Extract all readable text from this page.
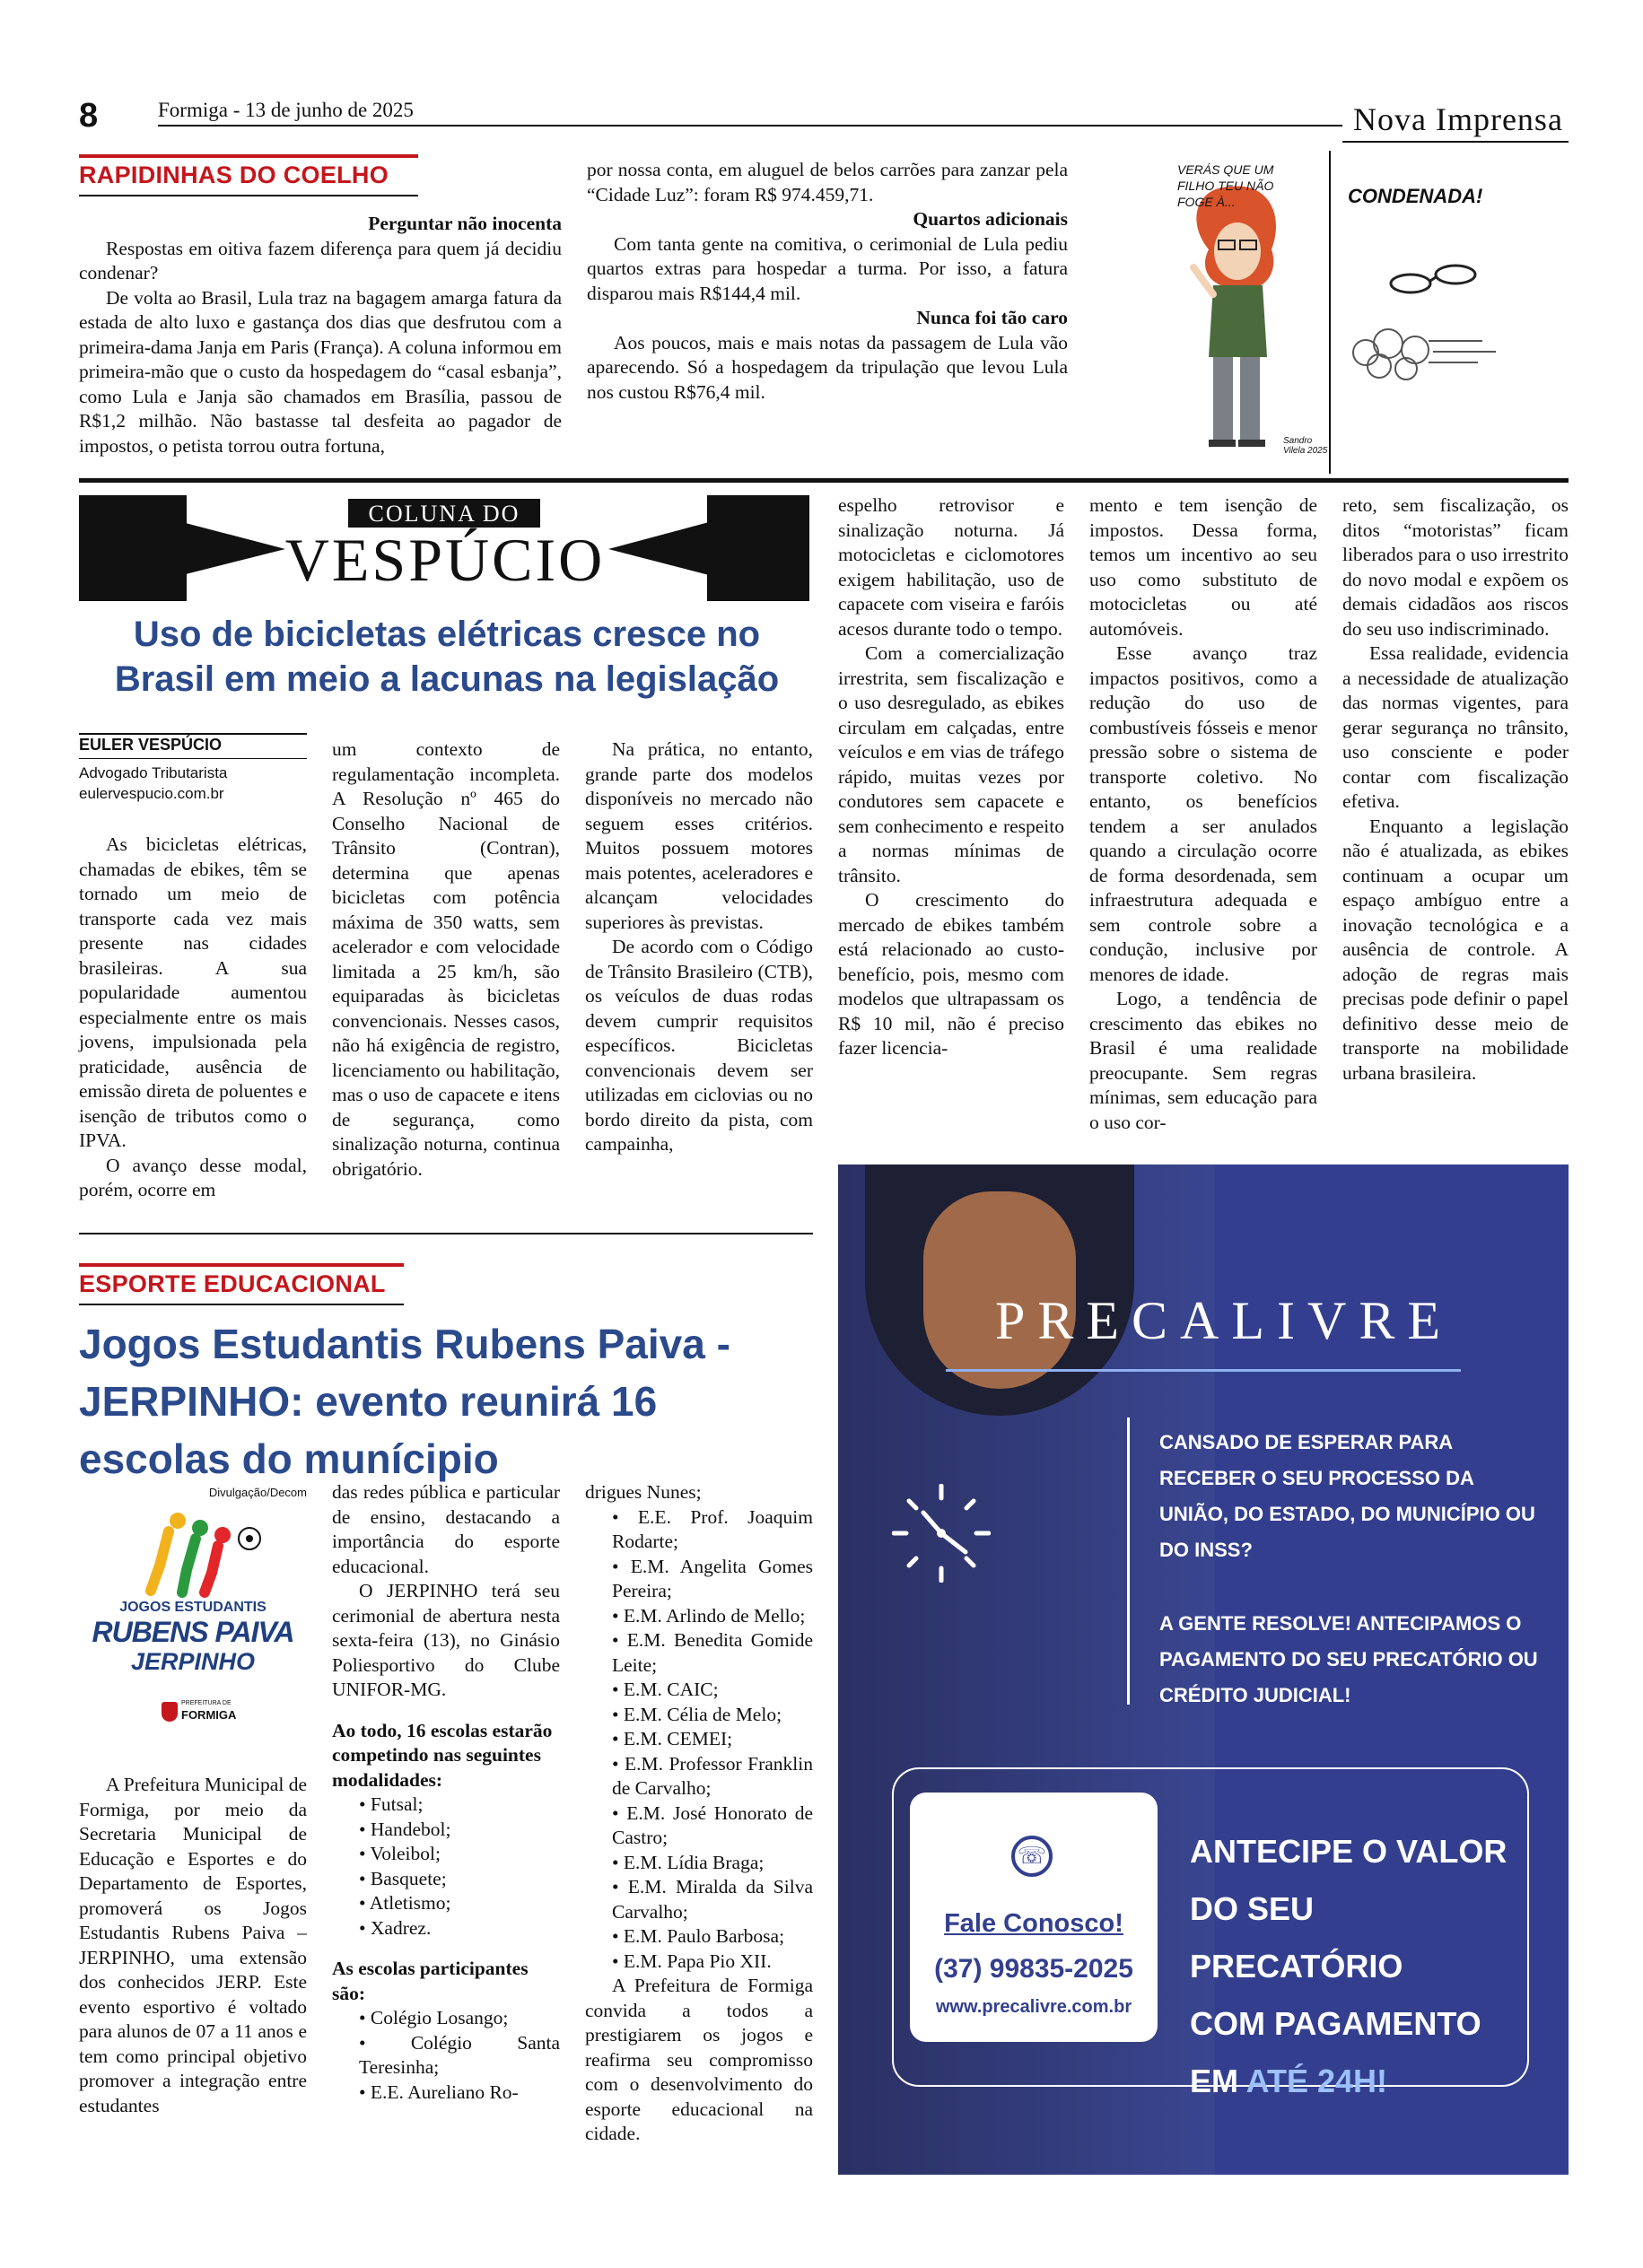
8	Formiga - 13 de junho de 2025	Nova Imprensa
RAPIDINHAS DO COELHO

Perguntar não inocenta

Respostas em oitiva fazem diferença para quem já decidiu condenar?

De volta ao Brasil, Lula traz na bagagem amarga fatura da estada de alto luxo e gastança dos dias que desfrutou com a primeira-dama Janja em Paris (França). A coluna informou em primeira-mão que o custo da hospedagem do “casal esbanja”, como Lula e Janja são chamados em Brasília, passou de R$1,2 milhão. Não bastasse tal desfeita ao pagador de impostos, o petista torrou outra fortuna,

por nossa conta, em aluguel de belos carrões para zanzar pela “Cidade Luz”: foram R$ 974.459,71.

Quartos adicionais

Com tanta gente na comitiva, o cerimonial de Lula pediu quartos extras para hospedar a turma. Por isso, a fatura disparou mais R$144,4 mil.

Nunca foi tão caro

Aos poucos, mais e mais notas da passagem de Lula vão aparecendo. Só a hospedagem da tripulação que levou Lula nos custou R$76,4 mil.

VERÁS QUE UM FILHO TEU NÃO FOGE À...	CONDENADA!
Sandro Vilela 2025
COLUNA DO
VESPÚCIO
Uso de bicicletas elétricas cresce no Brasil em meio a lacunas na legislação
EULER VESPÚCIO
Advogado Tributarista
eulervespucio.com.br

As bicicletas elétricas, chamadas de ebikes, têm se tornado um meio de transporte cada vez mais presente nas cidades brasileiras. A sua popularidade aumentou especialmente entre os mais jovens, impulsionada pela praticidade, ausência de emissão direta de poluentes e isenção de tributos como o IPVA.

O avanço desse modal, porém, ocorre em

um contexto de regulamentação incompleta. A Resolução nº 465 do Conselho Nacional de Trânsito (Contran), determina que apenas bicicletas com potência máxima de 350 watts, sem acelerador e com velocidade limitada a 25 km/h, são equiparadas às bicicletas convencionais. Nesses casos, não há exigência de registro, licenciamento ou habilitação, mas o uso de capacete e itens de segurança, como sinalização noturna, continua obrigatório.

Na prática, no entanto, grande parte dos modelos disponíveis no mercado não seguem esses critérios. Muitos possuem motores mais potentes, aceleradores e alcançam velocidades superiores às previstas.

De acordo com o Código de Trânsito Brasileiro (CTB), os veículos de duas rodas devem cumprir requisitos específicos. Bicicletas convencionais devem ser utilizadas em ciclovias ou no bordo direito da pista, com campainha,

espelho retrovisor e sinalização noturna. Já motocicletas e ciclomotores exigem habilitação, uso de capacete com viseira e faróis acesos durante todo o tempo.

Com a comercialização irrestrita, sem fiscalização e o uso desregulado, as ebikes circulam em calçadas, entre veículos e em vias de tráfego rápido, muitas vezes por condutores sem capacete e sem conhecimento e respeito a normas mínimas de trânsito.

O crescimento do mercado de ebikes também está relacionado ao custo-benefício, pois, mesmo com modelos que ultrapassam os R$ 10 mil, não é preciso fazer licencia-

mento e tem isenção de impostos. Dessa forma, temos um incentivo ao seu uso como substituto de motocicletas ou até automóveis.

Esse avanço traz impactos positivos, como a redução do uso de combustíveis fósseis e menor pressão sobre o sistema de transporte coletivo. No entanto, os benefícios tendem a ser anulados quando a circulação ocorre de forma desordenada, sem infraestrutura adequada e sem controle sobre a condução, inclusive por menores de idade.

Logo, a tendência de crescimento das ebikes no Brasil é uma realidade preocupante. Sem regras mínimas, sem educação para o uso cor-

reto, sem fiscalização, os ditos “motoristas” ficam liberados para o uso irrestrito do novo modal e expõem os demais cidadãos aos riscos do seu uso indiscriminado.

Essa realidade, evidencia a necessidade de atualização das normas vigentes, para gerar segurança no trânsito, uso consciente e poder contar com fiscalização efetiva.

Enquanto a legislação não é atualizada, as ebikes continuam a ocupar um espaço ambíguo entre a inovação tecnológica e a ausência de controle. A adoção de regras mais precisas pode definir o papel definitivo desse meio de transporte na mobilidade urbana brasileira.

ESPORTE EDUCACIONAL
Jogos Estudantis Rubens Paiva - JERPINHO: evento reunirá 16 escolas do munícipio
Divulgação/Decom
JOGOS ESTUDANTIS
RUBENS PAIVA
JERPINHO
PREFEITURA DE
FORMIGA

A Prefeitura Municipal de Formiga, por meio da Secretaria Municipal de Educação e Esportes e do Departamento de Esportes, promoverá os Jogos Estudantis Rubens Paiva – JERPINHO, uma extensão dos conhecidos JERP. Este evento esportivo é voltado para alunos de 07 a 11 anos e tem como principal objetivo promover a integração entre estudantes

das redes pública e particular de ensino, destacando a importância do esporte educacional.

O JERPINHO terá seu cerimonial de abertura nesta sexta-feira (13), no Ginásio Poliesportivo do Clube UNIFOR-MG.

Ao todo, 16 escolas estarão competindo nas seguintes modalidades:

• Futsal;
• Handebol;
• Voleibol;
• Basquete;
• Atletismo;
• Xadrez.

As escolas participantes são:

• Colégio Losango;
• Colégio Santa Teresinha;
• E.E. Aureliano Ro-
drigues Nunes;
• E.E. Prof. Joaquim Rodarte;
• E.M. Angelita Gomes Pereira;
• E.M. Arlindo de Mello;
• E.M. Benedita Gomide Leite;
• E.M. CAIC;
• E.M. Célia de Melo;
• E.M. CEMEI;
• E.M. Professor Franklin de Carvalho;
• E.M. José Honorato de Castro;
• E.M. Lídia Braga;
• E.M. Miralda da Silva Carvalho;
• E.M. Paulo Barbosa;
• E.M. Papa Pio XII.

A Prefeitura de Formiga convida a todos a prestigiarem os jogos e reafirma seu compromisso com o desenvolvimento do esporte educacional na cidade.

PRECALIVRE
CANSADO DE ESPERAR PARA RECEBER O SEU PROCESSO DA UNIÃO, DO ESTADO, DO MUNICÍPIO OU DO INSS?
A GENTE RESOLVE! ANTECIPAMOS O PAGAMENTO DO SEU PRECATÓRIO OU CRÉDITO JUDICIAL!
☏
Fale Conosco!
(37) 99835-2025
www.precalivre.com.br
ANTECIPE O VALOR
DO SEU PRECATÓRIO
COM PAGAMENTO
EM ATÉ 24H!
